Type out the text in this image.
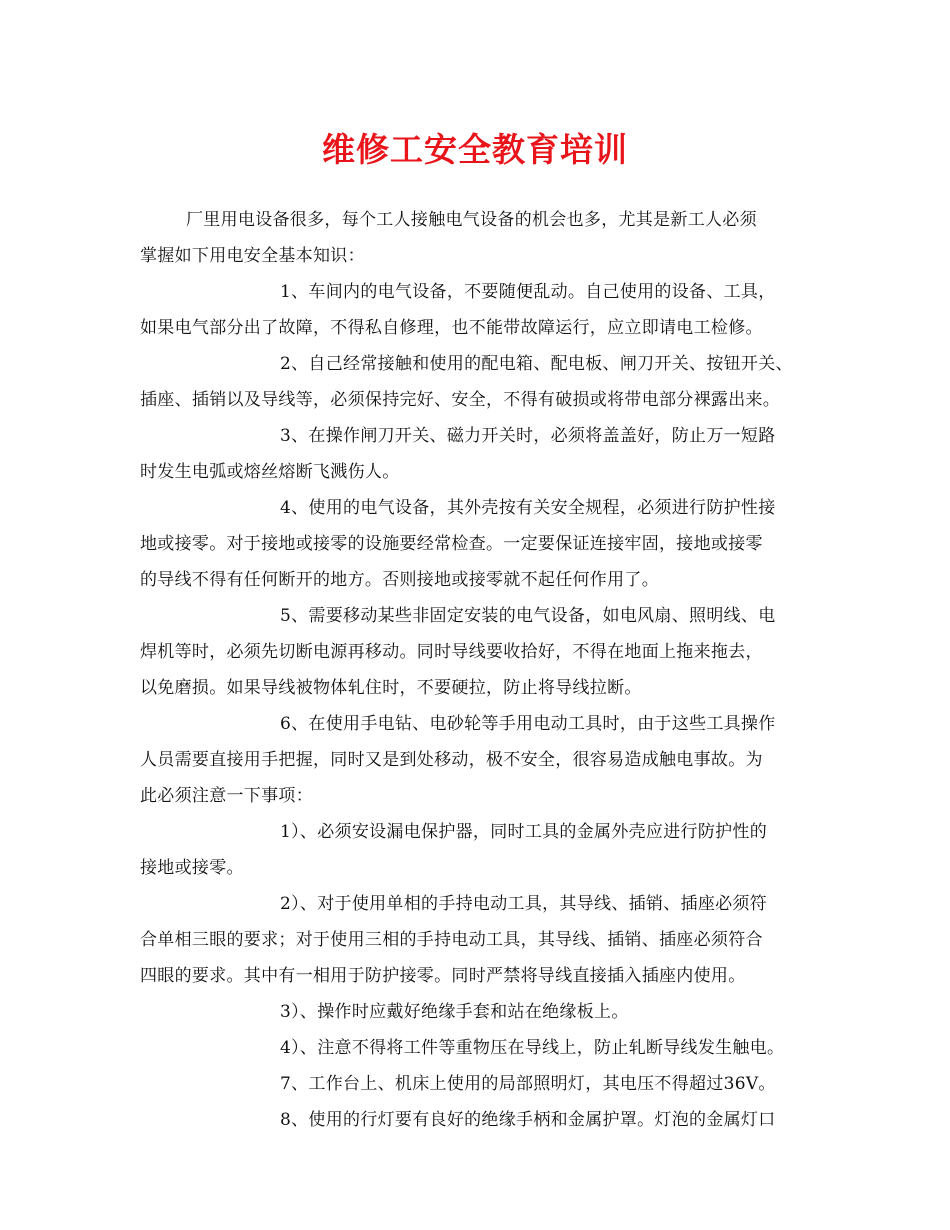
维修工安全教育培训
厂里用电设备很多，每个工人接触电气设备的机会也多，尤其是新工人必须
掌握如下用电安全基本知识：
1、车间内的电气设备，不要随便乱动。自己使用的设备、工具，
如果电气部分出了故障，不得私自修理，也不能带故障运行，应立即请电工检修。
2、自己经常接触和使用的配电箱、配电板、闸刀开关、按钮开关、
插座、插销以及导线等，必须保持完好、安全，不得有破损或将带电部分裸露出来。
3、在操作闸刀开关、磁力开关时，必须将盖盖好，防止万一短路
时发生电弧或熔丝熔断飞溅伤人。
4、使用的电气设备，其外壳按有关安全规程，必须进行防护性接
地或接零。对于接地或接零的设施要经常检查。一定要保证连接牢固，接地或接零
的导线不得有任何断开的地方。否则接地或接零就不起任何作用了。
5、需要移动某些非固定安装的电气设备，如电风扇、照明线、电
焊机等时，必须先切断电源再移动。同时导线要收拾好，不得在地面上拖来拖去，
以免磨损。如果导线被物体轧住时，不要硬拉，防止将导线拉断。
6、在使用手电钻、电砂轮等手用电动工具时，由于这些工具操作
人员需要直接用手把握，同时又是到处移动，极不安全，很容易造成触电事故。为
此必须注意一下事项：
1）、必须安设漏电保护器，同时工具的金属外壳应进行防护性的
接地或接零。
2）、对于使用单相的手持电动工具，其导线、插销、插座必须符
合单相三眼的要求；对于使用三相的手持电动工具，其导线、插销、插座必须符合
四眼的要求。其中有一相用于防护接零。同时严禁将导线直接插入插座内使用。
3）、操作时应戴好绝缘手套和站在绝缘板上。
4）、注意不得将工件等重物压在导线上，防止轧断导线发生触电。
7、工作台上、机床上使用的局部照明灯，其电压不得超过36V。
8、使用的行灯要有良好的绝缘手柄和金属护罩。灯泡的金属灯口
